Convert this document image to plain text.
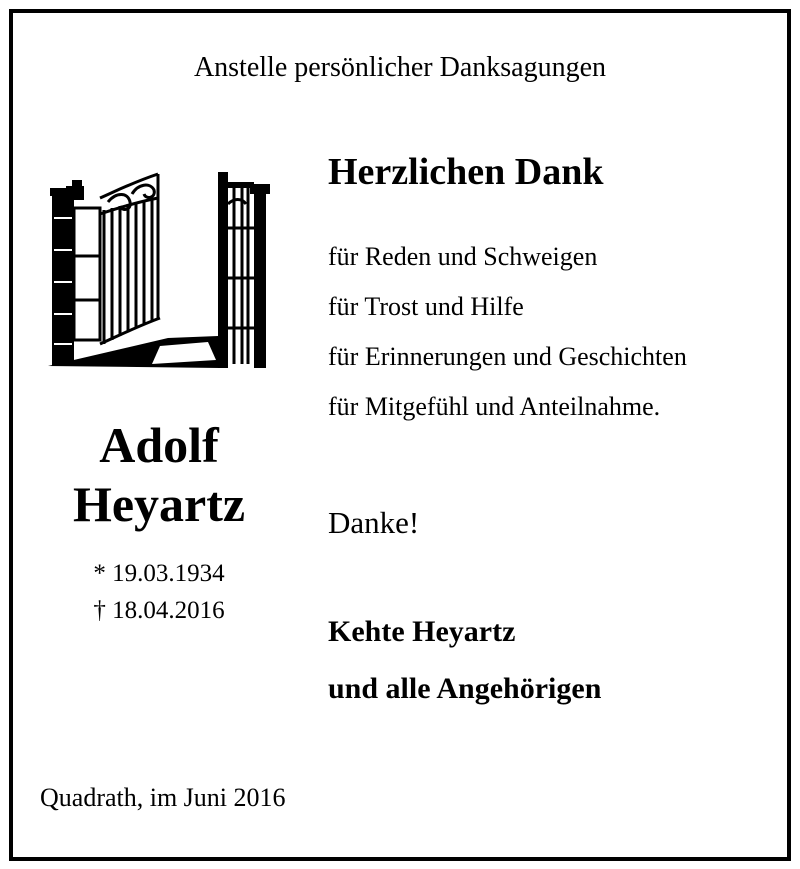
Anstelle persönlicher Danksagungen
Herzlichen Dank
für Reden und Schweigen
für Trost und Hilfe
für Erinnerungen und Geschichten
für Mitgefühl und Anteilnahme.
Adolf
Heyartz
* 19.03.1934
† 18.04.2016
Danke!
Kehte Heyartz
und alle Angehörigen
Quadrath, im Juni 2016
